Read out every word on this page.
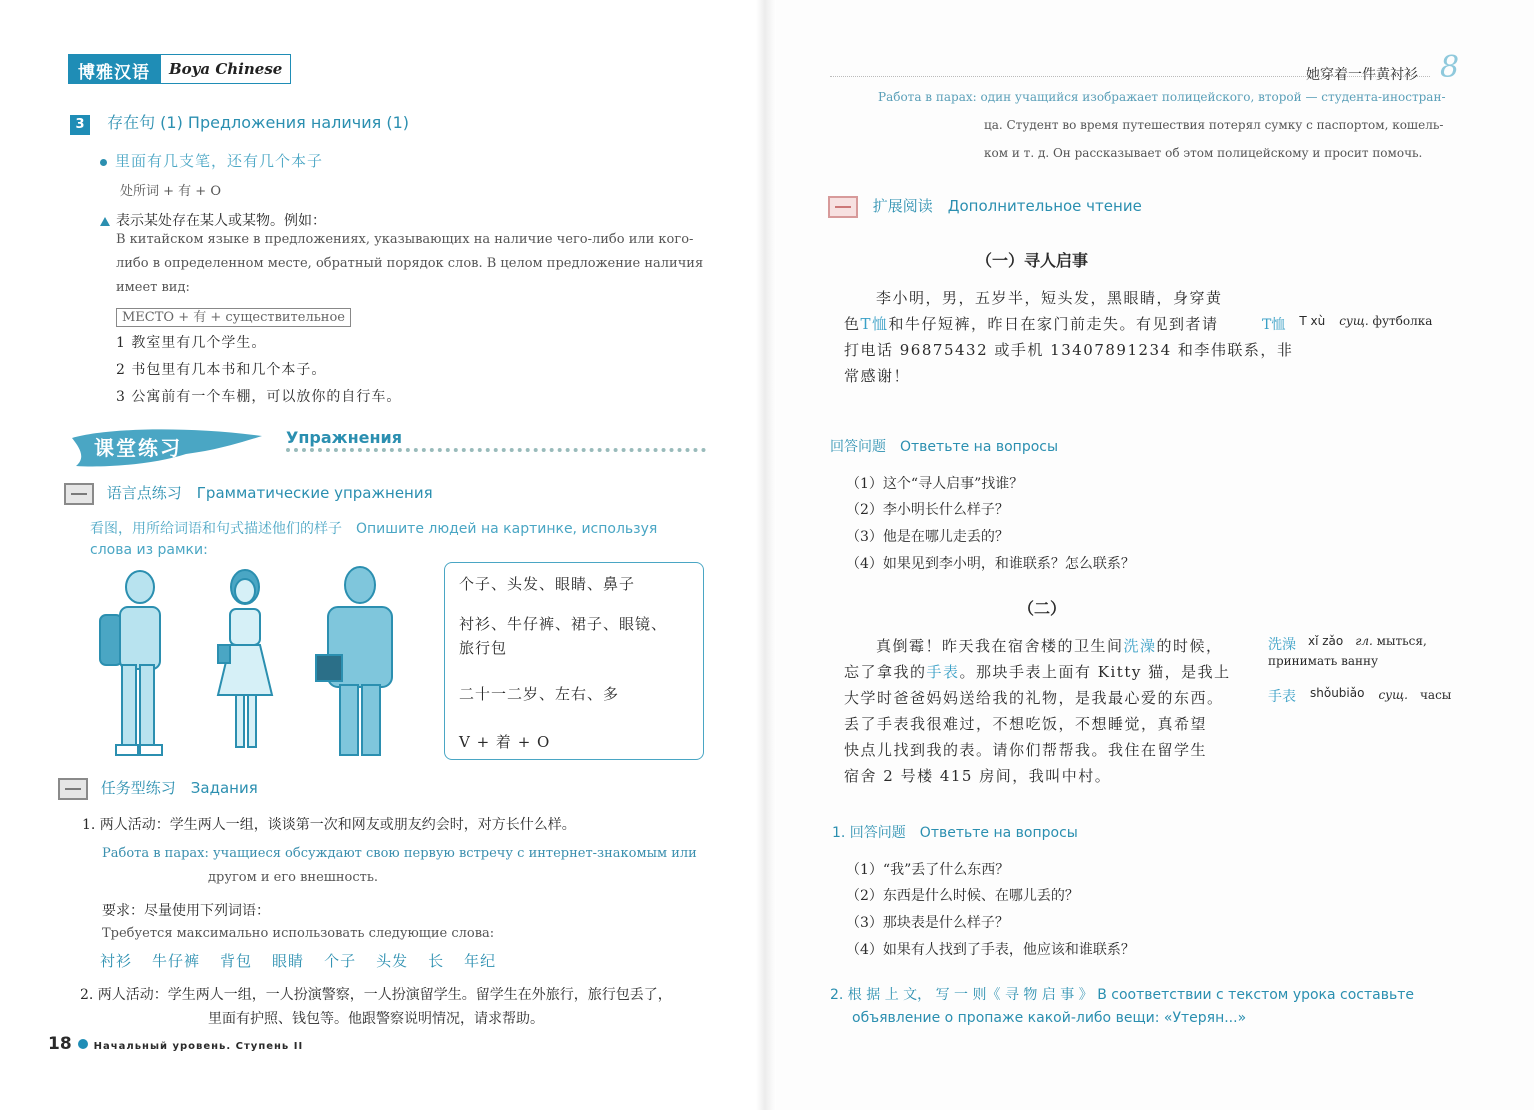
博雅汉语	Boya Chinese
3 存在句 (1) Предложения наличия (1)
里面有几支笔，还有几个本子
处所词 + 有 + O
表示某处存在某人或某物。例如：
В китайском языке в предложениях, указывающих на наличие чего-либо или кого-
либо в определенном месте, обратный порядок слов. В целом предложение наличия
имеет вид:
МЕСТО + 有 + существительное
1 教室里有几个学生。
2 书包里有几本书和几个本子。
3 公寓前有一个车棚，可以放你的自行车。
课堂练习	Упражнения
语言点练习　Грамматические упражнения
看图，用所给词语和句式描述他们的样子　Опишите людей на картинке, используя
слова из рамки:
个子、头发、眼睛、鼻子
衬衫、牛仔裤、裙子、眼镜、
旅行包
二十一二岁、左右、多
V + 着 + O
任务型练习　Задания
1. 两人活动：学生两人一组，谈谈第一次和网友或朋友约会时，对方长什么样。
Работа в парах: учащиеся обсуждают свою первую встречу с интернет-знакомым или
другом и его внешность.
要求：尽量使用下列词语：
Требуется максимально использовать следующие слова:
衬衫 牛仔裤 背包 眼睛 个子 头发 长 年纪
2. 两人活动：学生两人一组，一人扮演警察，一人扮演留学生。留学生在外旅行，旅行包丢了，
里面有护照、钱包等。他跟警察说明情况，请求帮助。
18 Начальный уровень. Ступень II
她穿着一件黄衬衫 8
Работа в парах: один учащийся изображает полицейского, второй — студента-иностран-
ца. Студент во время путешествия потерял сумку с паспортом, кошель-
ком и т. д. Он рассказывает об этом полицейскому и просит помочь.
扩展阅读　Дополнительное чтение
（一）寻人启事
李小明，男，五岁半，短头发，黑眼睛，身穿黄
色T恤和牛仔短裤，昨日在家门前走失。有见到者请
打电话 96875432 或手机 13407891234 和李伟联系，非
常感谢！
T恤 T xù сущ. футболка
回答问题　Ответьте на вопросы
（1）这个“寻人启事”找谁？
（2）李小明长什么样子？
（3）他是在哪儿走丢的？
（4）如果见到李小明，和谁联系？怎么联系？
（二）
真倒霉！昨天我在宿舍楼的卫生间洗澡的时候，
忘了拿我的手表。那块手表上面有 Kitty 猫，是我上
大学时爸爸妈妈送给我的礼物，是我最心爱的东西。
丢了手表我很难过，不想吃饭，不想睡觉，真希望
快点儿找到我的表。请你们帮帮我。我住在留学生
宿舍 2 号楼 415 房间，我叫中村。
洗澡 xǐ zǎo гл. мыться,
принимать ванну
手表 shǒubiǎo сущ.　 часы
1. 回答问题　Ответьте на вопросы
（1）“我”丢了什么东西？
（2）东西是什么时候、在哪儿丢的？
（3）那块表是什么样子？
（4）如果有人找到了手表，他应该和谁联系？
2. 根 据 上 文， 写 一 则《 寻 物 启 事 》 В соответствии с текстом урока составьте
объявление о пропаже какой-либо вещи: «Утерян...»
